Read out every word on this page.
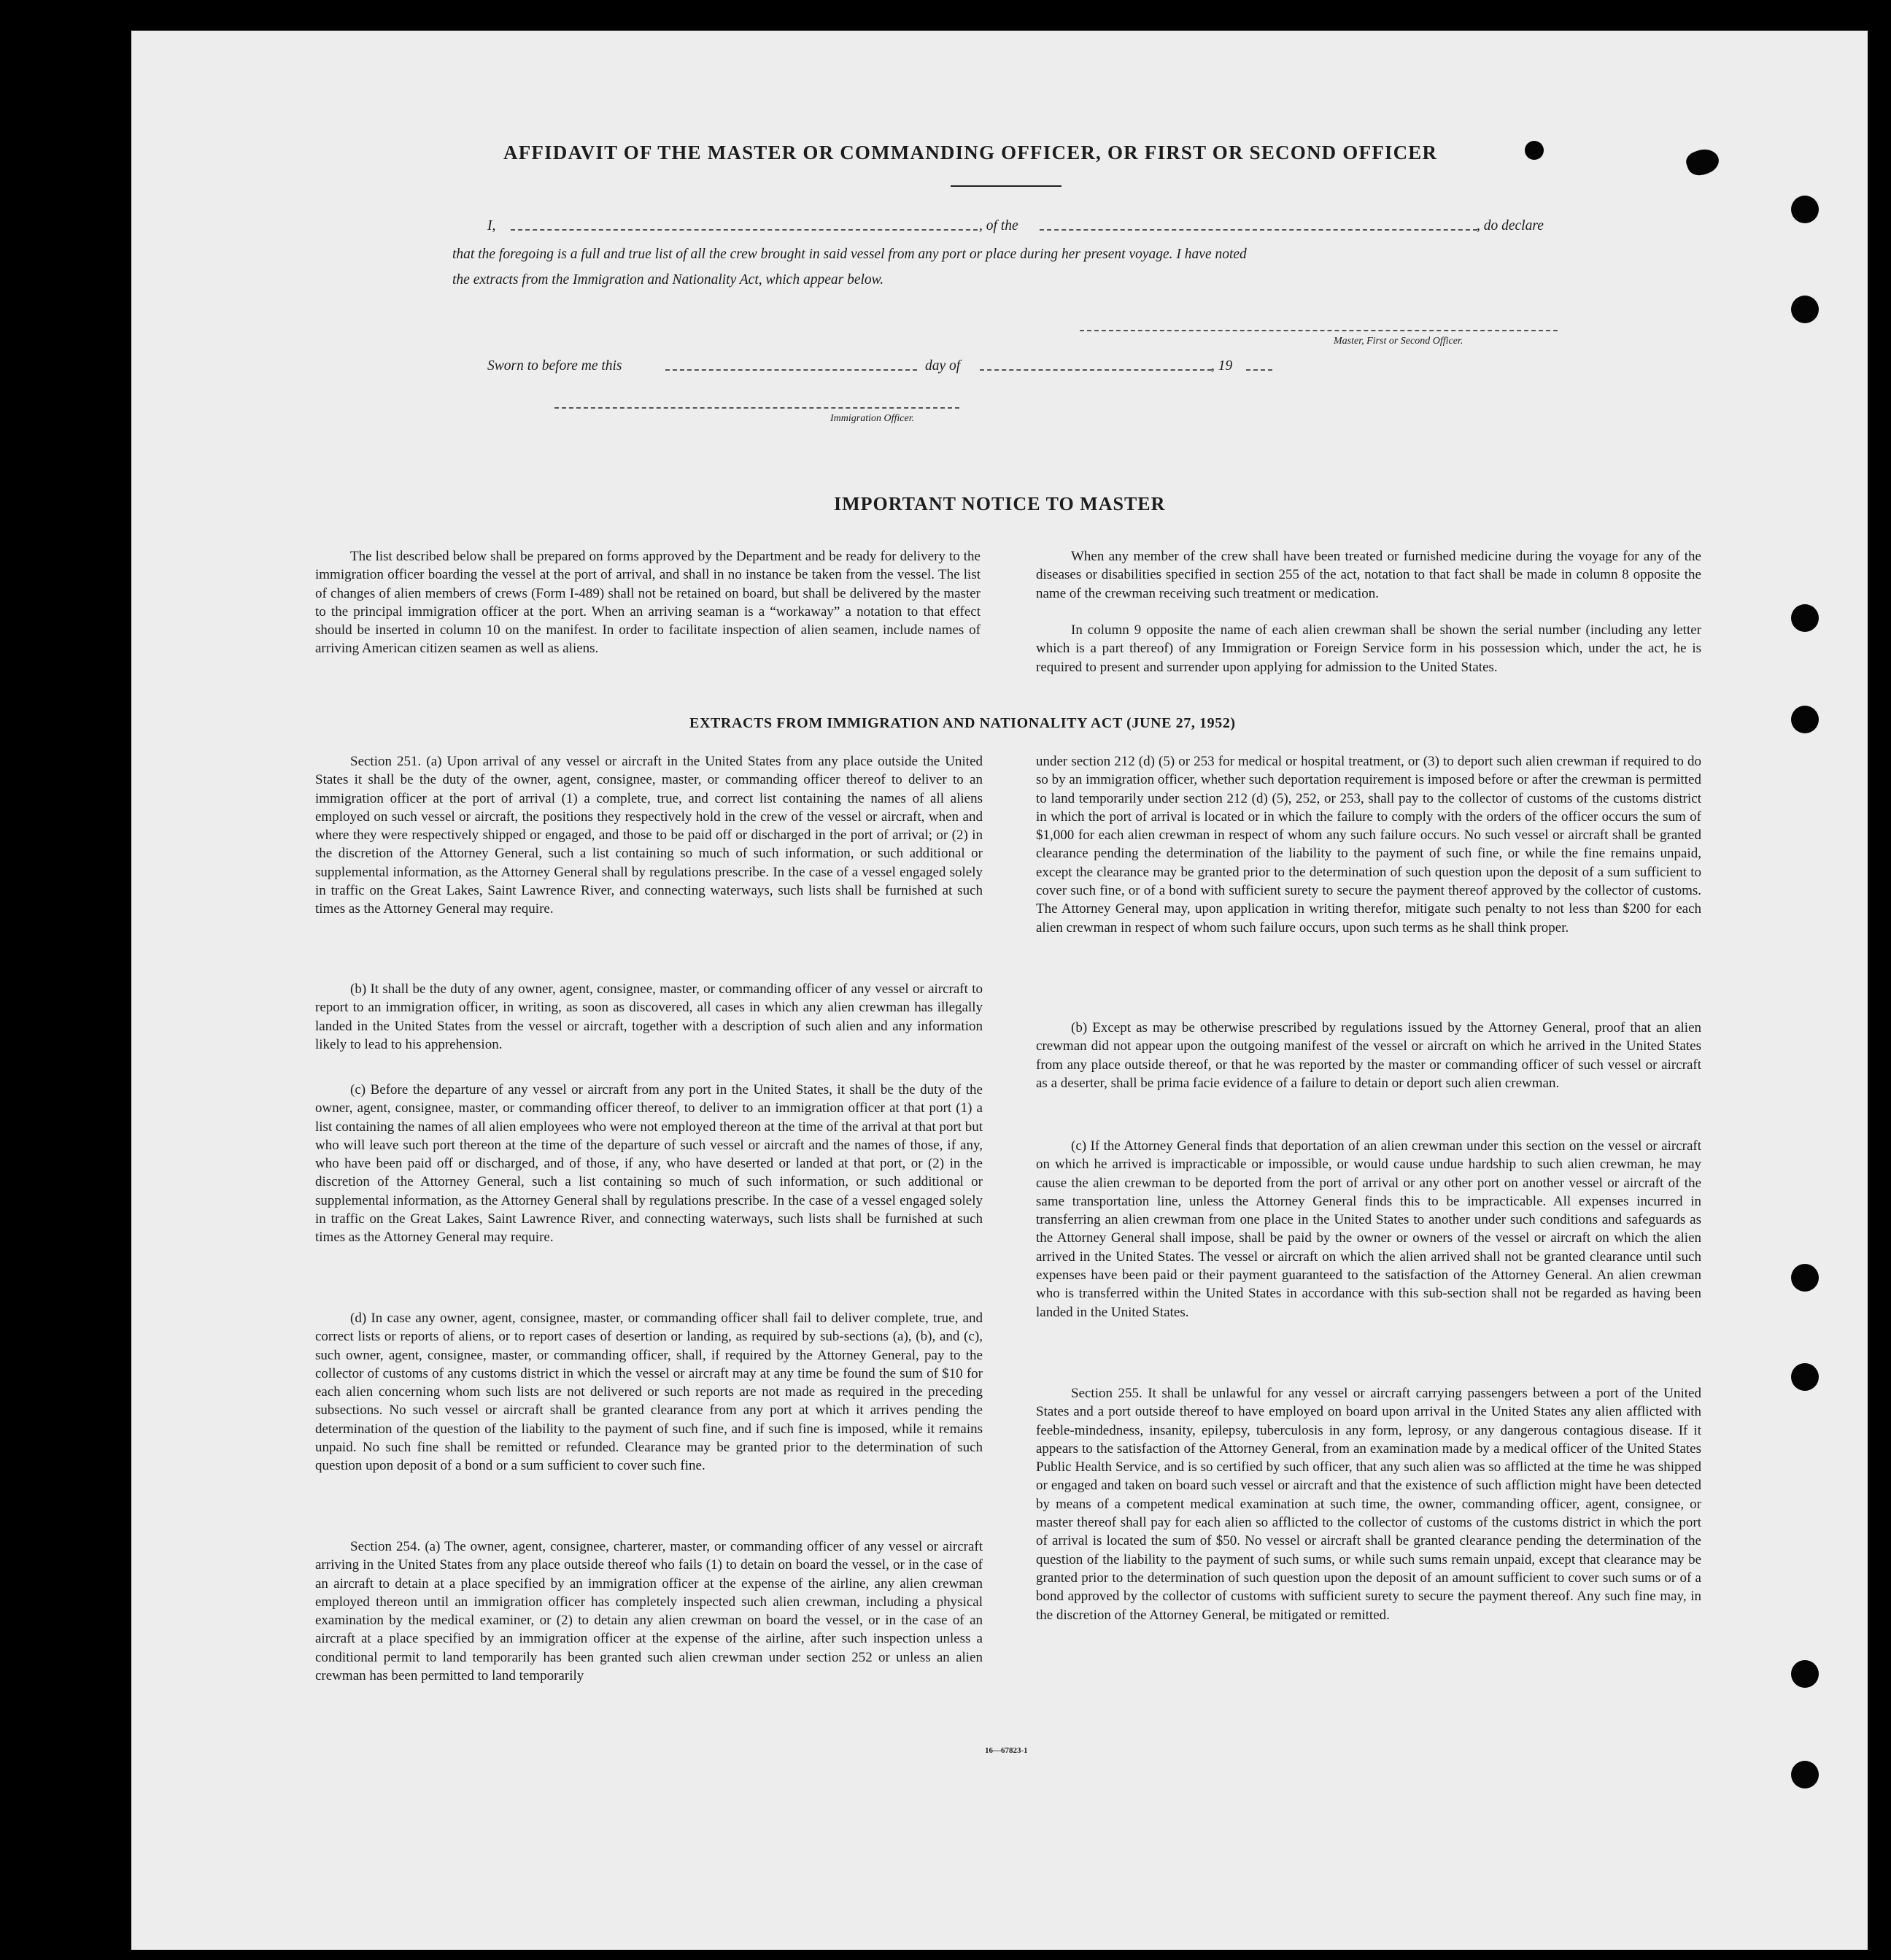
AFFIDAVIT OF THE MASTER OR COMMANDING OFFICER, OR FIRST OR SECOND OFFICER
I,	, of the	, do declare
that the foregoing is a full and true list of all the crew brought in said vessel from any port or place during her present voyage. I have noted
the extracts from the Immigration and Nationality Act, which appear below.
Master, First or Second Officer.
Sworn to before me this	day of	, 19
Immigration Officer.
IMPORTANT NOTICE TO MASTER

The list described below shall be prepared on forms approved by the Department and be ready for delivery to the immigration officer boarding the vessel at the port of arrival, and shall in no instance be taken from the vessel. The list of changes of alien members of crews (Form I-489) shall not be retained on board, but shall be delivered by the master to the principal immigration officer at the port. When an arriving seaman is a “workaway” a notation to that effect should be inserted in column 10 on the manifest. In order to facilitate inspection of alien seamen, include names of arriving American citizen seamen as well as aliens.

When any member of the crew shall have been treated or furnished medicine during the voyage for any of the diseases or disabilities specified in section 255 of the act, notation to that fact shall be made in column 8 opposite the name of the crewman receiving such treatment or medication.

In column 9 opposite the name of each alien crewman shall be shown the serial number (including any letter which is a part thereof) of any Immigration or Foreign Service form in his possession which, under the act, he is required to present and surrender upon applying for admission to the United States.

EXTRACTS FROM IMMIGRATION AND NATIONALITY ACT (JUNE 27, 1952)

Section 251. (a) Upon arrival of any vessel or aircraft in the United States from any place outside the United States it shall be the duty of the owner, agent, consignee, master, or commanding officer thereof to deliver to an immigration officer at the port of arrival (1) a complete, true, and correct list containing the names of all aliens employed on such vessel or aircraft, the positions they respectively hold in the crew of the vessel or aircraft, when and where they were respectively shipped or engaged, and those to be paid off or discharged in the port of arrival; or (2) in the discretion of the Attorney General, such a list containing so much of such information, or such additional or supplemental information, as the Attorney General shall by regulations prescribe. In the case of a vessel engaged solely in traffic on the Great Lakes, Saint Lawrence River, and connecting waterways, such lists shall be furnished at such times as the Attorney General may require.

(b) It shall be the duty of any owner, agent, consignee, master, or commanding officer of any vessel or aircraft to report to an immigration officer, in writing, as soon as discovered, all cases in which any alien crewman has illegally landed in the United States from the vessel or aircraft, together with a description of such alien and any information likely to lead to his apprehension.

(c) Before the departure of any vessel or aircraft from any port in the United States, it shall be the duty of the owner, agent, consignee, master, or commanding officer thereof, to deliver to an immigration officer at that port (1) a list containing the names of all alien employees who were not employed thereon at the time of the arrival at that port but who will leave such port thereon at the time of the departure of such vessel or aircraft and the names of those, if any, who have been paid off or discharged, and of those, if any, who have deserted or landed at that port, or (2) in the discretion of the Attorney General, such a list containing so much of such information, or such additional or supplemental information, as the Attorney General shall by regulations prescribe. In the case of a vessel engaged solely in traffic on the Great Lakes, Saint Lawrence River, and connecting waterways, such lists shall be furnished at such times as the Attorney General may require.

(d) In case any owner, agent, consignee, master, or commanding officer shall fail to deliver complete, true, and correct lists or reports of aliens, or to report cases of desertion or landing, as required by sub-sections (a), (b), and (c), such owner, agent, consignee, master, or commanding officer, shall, if required by the Attorney General, pay to the collector of customs of any customs district in which the vessel or aircraft may at any time be found the sum of $10 for each alien concerning whom such lists are not delivered or such reports are not made as required in the preceding subsections. No such vessel or aircraft shall be granted clearance from any port at which it arrives pending the determination of the question of the liability to the payment of such fine, and if such fine is imposed, while it remains unpaid. No such fine shall be remitted or refunded. Clearance may be granted prior to the determination of such question upon deposit of a bond or a sum sufficient to cover such fine.

Section 254. (a) The owner, agent, consignee, charterer, master, or commanding officer of any vessel or aircraft arriving in the United States from any place outside thereof who fails (1) to detain on board the vessel, or in the case of an aircraft to detain at a place specified by an immigration officer at the expense of the airline, any alien crewman employed thereon until an immigration officer has completely inspected such alien crewman, including a physical examination by the medical examiner, or (2) to detain any alien crewman on board the vessel, or in the case of an aircraft at a place specified by an immigration officer at the expense of the airline, after such inspection unless a conditional permit to land temporarily has been granted such alien crewman under section 252 or unless an alien crewman has been permitted to land temporarily

under section 212 (d) (5) or 253 for medical or hospital treatment, or (3) to deport such alien crewman if required to do so by an immigration officer, whether such deportation requirement is imposed before or after the crewman is permitted to land temporarily under section 212 (d) (5), 252, or 253, shall pay to the collector of customs of the customs district in which the port of arrival is located or in which the failure to comply with the orders of the officer occurs the sum of $1,000 for each alien crewman in respect of whom any such failure occurs. No such vessel or aircraft shall be granted clearance pending the determination of the liability to the payment of such fine, or while the fine remains unpaid, except the clearance may be granted prior to the determination of such question upon the deposit of a sum sufficient to cover such fine, or of a bond with sufficient surety to secure the payment thereof approved by the collector of customs. The Attorney General may, upon application in writing therefor, mitigate such penalty to not less than $200 for each alien crewman in respect of whom such failure occurs, upon such terms as he shall think proper.

(b) Except as may be otherwise prescribed by regulations issued by the Attorney General, proof that an alien crewman did not appear upon the outgoing manifest of the vessel or aircraft on which he arrived in the United States from any place outside thereof, or that he was reported by the master or commanding officer of such vessel or aircraft as a deserter, shall be prima facie evidence of a failure to detain or deport such alien crewman.

(c) If the Attorney General finds that deportation of an alien crewman under this section on the vessel or aircraft on which he arrived is impracticable or impossible, or would cause undue hardship to such alien crewman, he may cause the alien crewman to be deported from the port of arrival or any other port on another vessel or aircraft of the same transportation line, unless the Attorney General finds this to be impracticable. All expenses incurred in transferring an alien crewman from one place in the United States to another under such conditions and safeguards as the Attorney General shall impose, shall be paid by the owner or owners of the vessel or aircraft on which the alien arrived in the United States. The vessel or aircraft on which the alien arrived shall not be granted clearance until such expenses have been paid or their payment guaranteed to the satisfaction of the Attorney General. An alien crewman who is transferred within the United States in accordance with this sub-section shall not be regarded as having been landed in the United States.

Section 255. It shall be unlawful for any vessel or aircraft carrying passengers between a port of the United States and a port outside thereof to have employed on board upon arrival in the United States any alien afflicted with feeble-mindedness, insanity, epilepsy, tuberculosis in any form, leprosy, or any dangerous contagious disease. If it appears to the satisfaction of the Attorney General, from an examination made by a medical officer of the United States Public Health Service, and is so certified by such officer, that any such alien was so afflicted at the time he was shipped or engaged and taken on board such vessel or aircraft and that the existence of such affliction might have been detected by means of a competent medical examination at such time, the owner, commanding officer, agent, consignee, or master thereof shall pay for each alien so afflicted to the collector of customs of the customs district in which the port of arrival is located the sum of $50. No vessel or aircraft shall be granted clearance pending the determination of the question of the liability to the payment of such sums, or while such sums remain unpaid, except that clearance may be granted prior to the determination of such question upon the deposit of an amount sufficient to cover such sums or of a bond approved by the collector of customs with sufficient surety to secure the payment thereof. Any such fine may, in the discretion of the Attorney General, be mitigated or remitted.

16—67823-1
